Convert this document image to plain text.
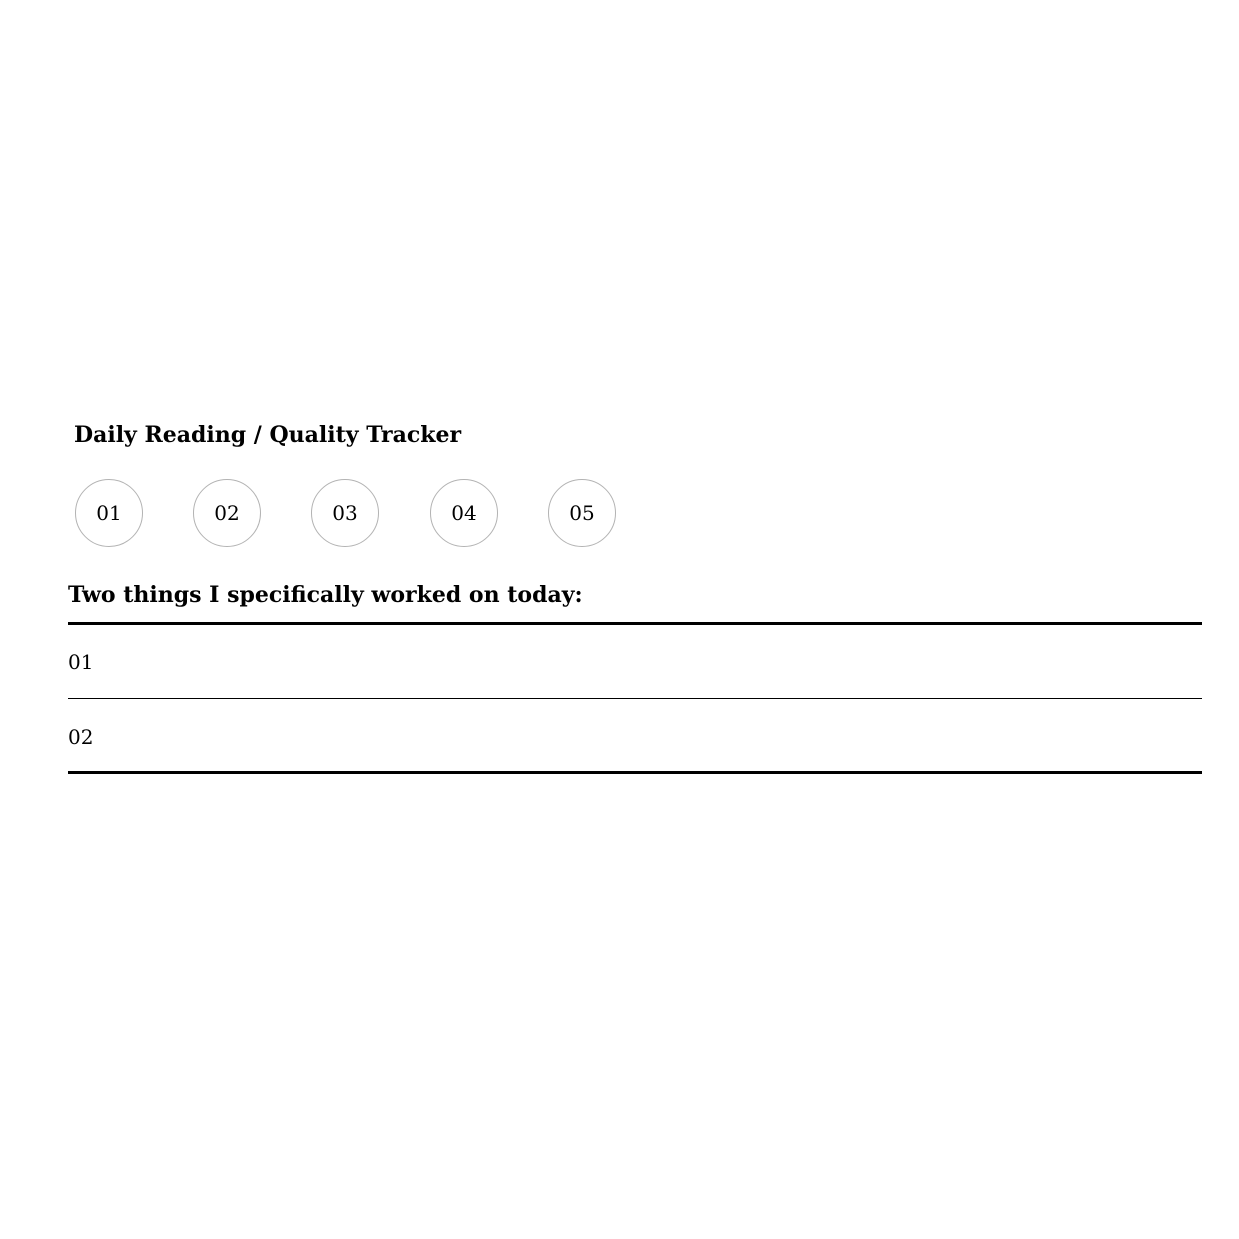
Daily Reading / Quality Tracker
01	02	03	04	05
Two things I specifically worked on today:
01
02
